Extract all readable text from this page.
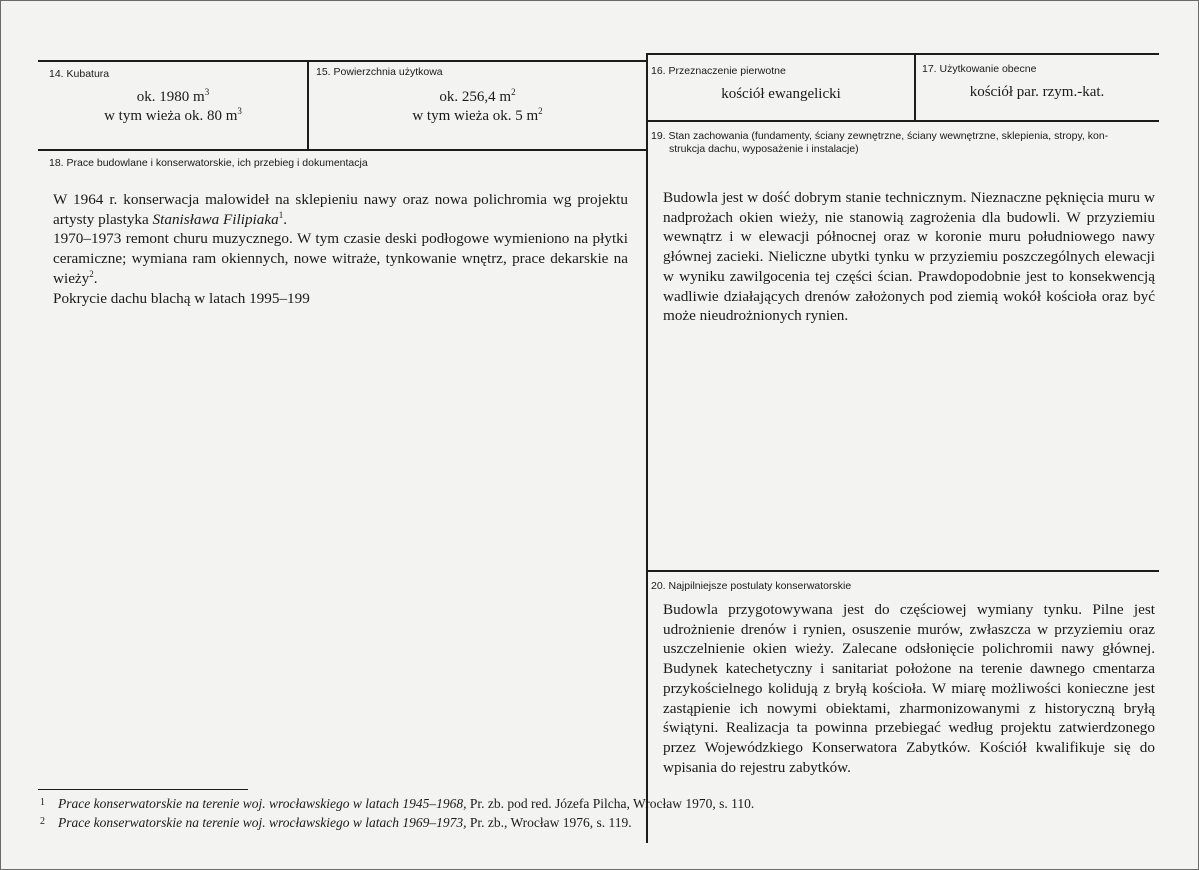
14. Kubatura
ok. 1980 $m^3$
w tym wieża ok. 80 $m^3$
15. Powierzchnia użytkowa
ok. 256,4 $m^2$
w tym wieża ok. 5 $m^2$
16. Przeznaczenie pierwotne
kościół ewangelicki
17. Użytkowanie obecne
kościół par. rzym.-kat.
18. Prace budowlane i konserwatorskie, ich przebieg i dokumentacja

W 1964 r. konserwacja malowideł na sklepieniu nawy oraz nowa polichromia wg projektu artysty plastyka Stanisława Filipiaka$^1$.

1970–1973 remont churu muzycznego. W tym czasie deski podłogowe wymieniono na płytki ceramiczne; wymiana ram okiennych, nowe witraże, tynkowanie wnętrz, prace dekarskie na wieży$^2$.

Pokrycie dachu blachą w latach 1995–199

19. Stan zachowania (fundamenty, ściany zewnętrzne, ściany wewnętrzne, sklepienia, stropy, kon-
strukcja dachu, wyposażenie i instalacje)
Budowla jest w dość dobrym stanie technicznym. Nieznaczne pęknięcia muru w nadprożach okien wieży, nie stanowią zagrożenia dla budowli. W przyziemiu wewnątrz i w elewacji północnej oraz w koronie muru południowego nawy głównej zacieki. Nieliczne ubytki tynku w przyziemiu poszczególnych elewacji w wyniku zawilgocenia tej części ścian. Prawdopodobnie jest to konsekwencją wadliwie działających drenów założonych pod ziemią wokół kościoła oraz być może nieudrożnionych rynien.
20. Najpilniejsze postulaty konserwatorskie
Budowla przygotowywana jest do częściowej wymiany tynku. Pilne jest udrożnienie drenów i rynien, osuszenie murów, zwłaszcza w przyziemiu oraz uszczelnienie okien wieży. Zalecane odsłonięcie polichromii nawy głównej. Budynek katechetyczny i sanitariat położone na terenie dawnego cmentarza przykościelnego kolidują z bryłą kościoła. W miarę możliwości konieczne jest zastąpienie ich nowymi obiektami, zharmonizowanymi z historyczną bryłą świątyni. Realizacja ta powinna przebiegać według projektu zatwierdzonego przez Wojewódzkiego Konserwatora Zabytków. Kościół kwalifikuje się do wpisania do rejestru zabytków.
1 Prace konserwatorskie na terenie woj. wrocławskiego w latach 1945–1968, Pr. zb. pod red. Józefa Pilcha, Wrocław 1970, s. 110.
2 Prace konserwatorskie na terenie woj. wrocławskiego w latach 1969–1973, Pr. zb., Wrocław 1976, s. 119.
